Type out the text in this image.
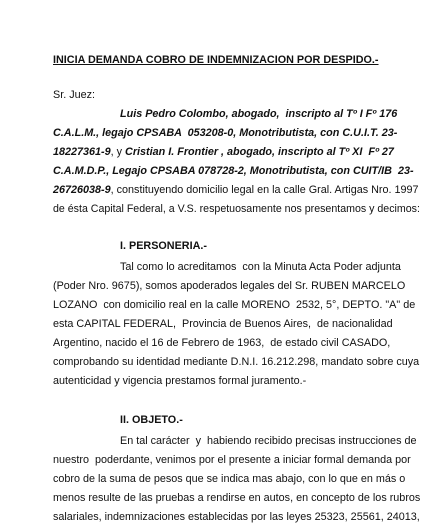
INICIA DEMANDA COBRO DE INDEMNIZACION POR DESPIDO.-
Sr. Juez:
Luis Pedro Colombo, abogado,  inscripto al Tº I Fº 176
C.A.L.M., legajo CPSABA  053208-0, Monotributista, con C.U.I.T. 23-
18227361-9, y Cristian I. Frontier , abogado, inscripto al Tº XI  Fº 27
C.A.M.D.P., Legajo CPSABA 078728-2, Monotributista, con CUIT/IB  23-
26726038-9, constituyendo domicilio legal en la calle Gral. Artigas Nro. 1997
de ésta Capital Federal, a V.S. respetuosamente nos presentamos y decimos:
I. PERSONERIA.-
Tal como lo acreditamos  con la Minuta Acta Poder adjunta
(Poder Nro. 9675), somos apoderados legales del Sr. RUBEN MARCELO
LOZANO  con domicilio real en la calle MORENO  2532, 5°, DEPTO. "A" de
esta CAPITAL FEDERAL,  Provincia de Buenos Aires,  de nacionalidad
Argentino, nacido el 16 de Febrero de 1963,  de estado civil CASADO,
comprobando su identidad mediante D.N.I. 16.212.298, mandato sobre cuya
autenticidad y vigencia prestamos formal juramento.-
II. OBJETO.-
En tal carácter  y  habiendo recibido precisas instrucciones de
nuestro  poderdante, venimos por el presente a iniciar formal demanda por
cobro de la suma de pesos que se indica mas abajo, con lo que en más o
menos resulte de las pruebas a rendirse en autos, en concepto de los rubros
salariales, indemnizaciones establecidas por las leyes 25323, 25561, 24013,
